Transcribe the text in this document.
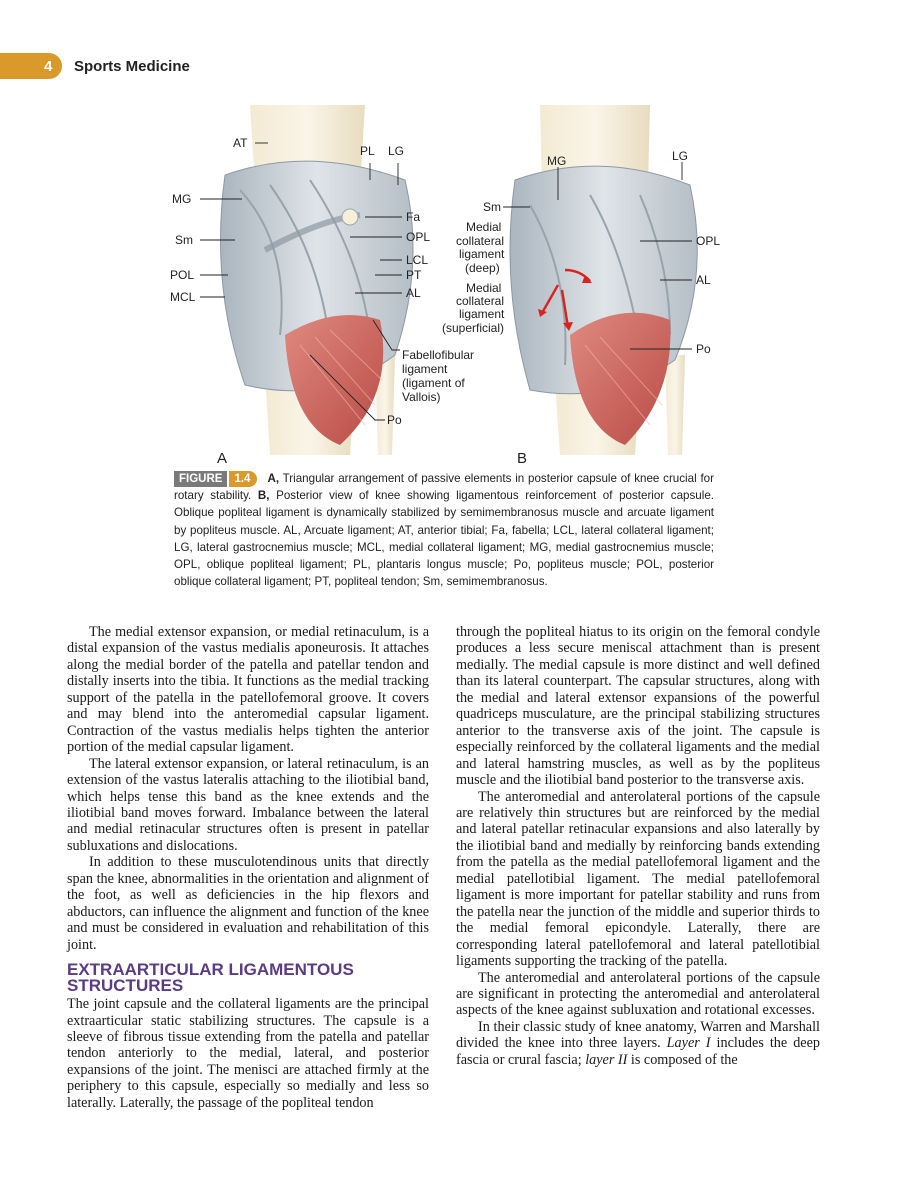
4 Sports Medicine
AT
PL LG
MG
Fa
Sm	OPL
LCL
POL	PT
MCL	AL
Fabellofibular
ligament
(ligament of
Vallois)
Po
MG	LG
Sm
Medial
collateral
ligament
(deep)
OPL
AL
Medial
collateral
ligament
(superficial)
Po
A	B
FIGURE 1.4 A, Triangular arrangement of passive elements in posterior capsule of knee crucial for rotary stability. B, Posterior view of knee showing ligamentous reinforcement of posterior capsule. Oblique popliteal ligament is dynamically stabilized by semimembranosus muscle and arcuate ligament by popliteus muscle. AL, Arcuate ligament; AT, anterior tibial; Fa, fabella; LCL, lateral collateral ligament; LG, lateral gastrocnemius muscle; MCL, medial collateral ligament; MG, medial gastrocnemius muscle; OPL, oblique popliteal ligament; PL, plantaris longus muscle; Po, popliteus muscle; POL, posterior oblique collateral ligament; PT, popliteal tendon; Sm, semimembranosus.

The medial extensor expansion, or medial retinaculum, is a distal expansion of the vastus medialis aponeurosis. It attaches along the medial border of the patella and patellar tendon and distally inserts into the tibia. It functions as the medial tracking support of the patella in the patellofemoral groove. It covers and may blend into the anteromedial capsular ligament. Contraction of the vastus medialis helps tighten the anterior portion of the medial capsular ligament.

The lateral extensor expansion, or lateral retinaculum, is an extension of the vastus lateralis attaching to the iliotibial band, which helps tense this band as the knee extends and the iliotibial band moves forward. Imbalance between the lateral and medial retinacular structures often is present in patellar subluxations and dislocations.

In addition to these musculotendinous units that directly span the knee, abnormalities in the orientation and alignment of the foot, as well as deficiencies in the hip flexors and abductors, can influence the alignment and function of the knee and must be considered in evaluation and rehabilitation of this joint.

EXTRAARTICULAR LIGAMENTOUS
STRUCTURES

The joint capsule and the collateral ligaments are the principal extraarticular static stabilizing structures. The capsule is a sleeve of fibrous tissue extending from the patella and patellar tendon anteriorly to the medial, lateral, and posterior expansions of the joint. The menisci are attached firmly at the periphery to this capsule, especially so medially and less so laterally. Laterally, the passage of the popliteal tendon

through the popliteal hiatus to its origin on the femoral condyle produces a less secure meniscal attachment than is present medially. The medial capsule is more distinct and well defined than its lateral counterpart. The capsular structures, along with the medial and lateral extensor expansions of the powerful quadriceps musculature, are the principal stabilizing structures anterior to the transverse axis of the joint. The capsule is especially reinforced by the collateral ligaments and the medial and lateral hamstring muscles, as well as by the popliteus muscle and the iliotibial band posterior to the transverse axis.

The anteromedial and anterolateral portions of the capsule are relatively thin structures but are reinforced by the medial and lateral patellar retinacular expansions and also laterally by the iliotibial band and medially by reinforcing bands extending from the patella as the medial patellofemoral ligament and the medial patellotibial ligament. The medial patellofemoral ligament is more important for patellar stability and runs from the patella near the junction of the middle and superior thirds to the medial femoral epicondyle. Laterally, there are corresponding lateral patellofemoral and lateral patellotibial ligaments supporting the tracking of the patella.

The anteromedial and anterolateral portions of the capsule are significant in protecting the anteromedial and anterolateral aspects of the knee against subluxation and rotational excesses.

In their classic study of knee anatomy, Warren and Marshall divided the knee into three layers. Layer I includes the deep fascia or crural fascia; layer II is composed of the
